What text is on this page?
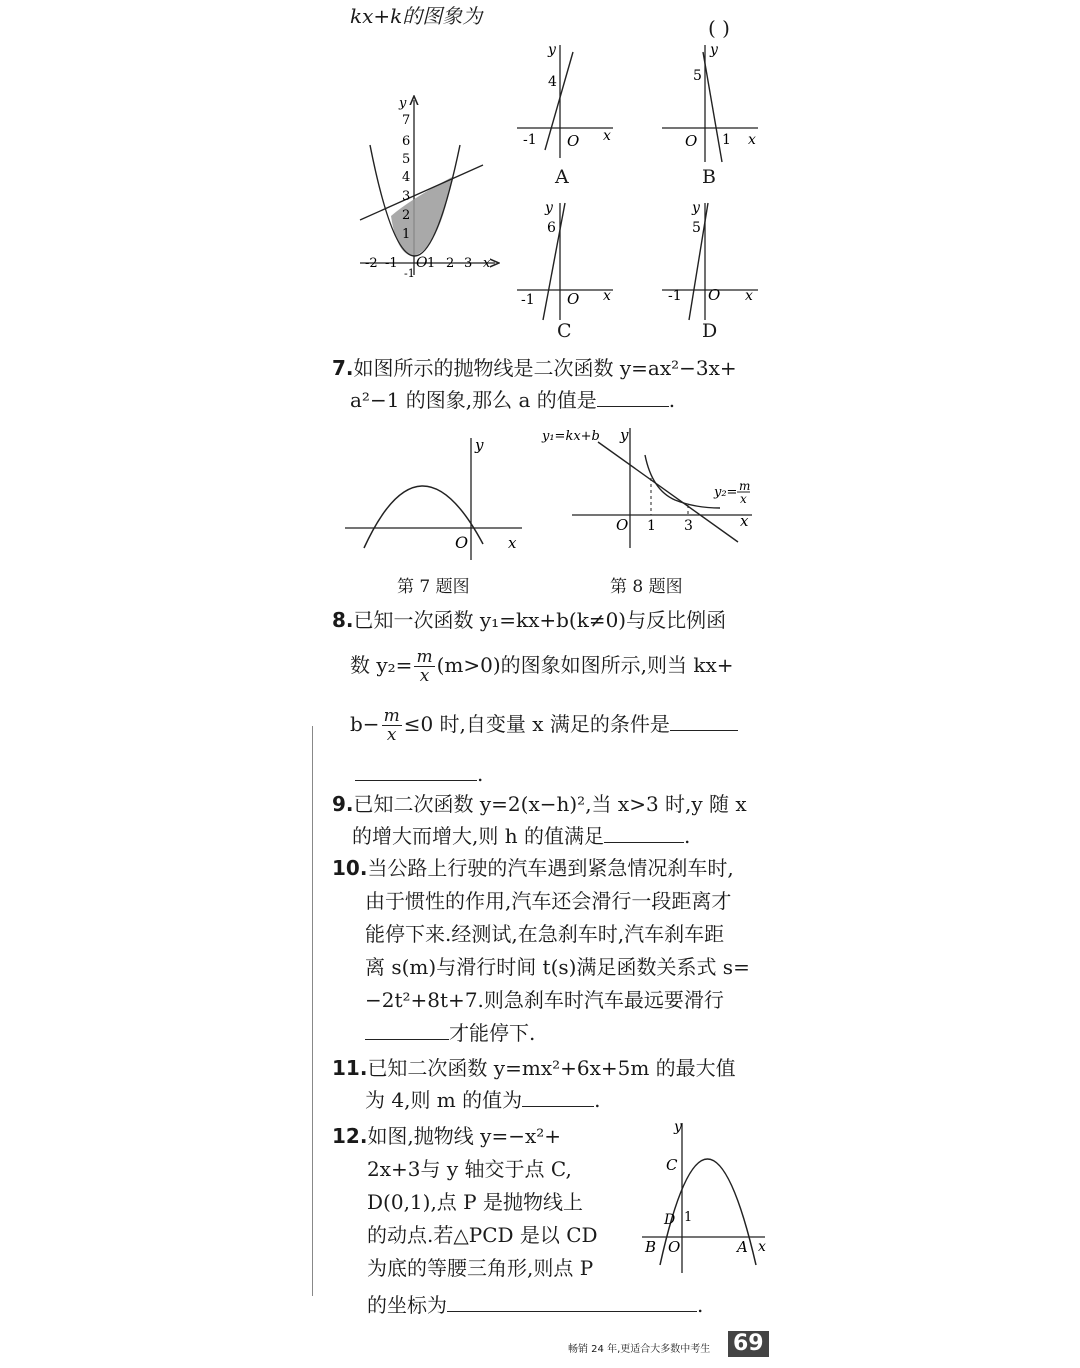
kx+k的图象为	( )
y
x
7
6
5
4
3
2
1
-1
-2 -1 1 2 3
O
y
4
-1 O x
A
y
5
O 1 x
B
y
6
-1 O x
C
y
5
-1 O x
D
7.如图所示的抛物线是二次函数 y=ax²−3x+
a²−1 的图象,那么 a 的值是	.
y
O	x
第 7 题图
y₁=kx+b y
y₂= m
x
O 1 3	x
第 8 题图
8.已知一次函数 y₁=kx+b(k≠0)与反比例函
数 $y_2= \frac{m}{x} (m>0)$的图象如图所示,则当 kx+
$b- \frac{m}{x} \le 0$ 时,自变量 x 满足的条件是
.
9.已知二次函数 y=2(x−h)²,当 x>3 时,y 随 x
的增大而增大,则 h 的值满足	.
10.当公路上行驶的汽车遇到紧急情况刹车时,
由于惯性的作用,汽车还会滑行一段距离才
能停下来.经测试,在急刹车时,汽车刹车距
离 s(m)与滑行时间 t(s)满足函数关系式 s=
−2t²+8t+7.则急刹车时汽车最远要滑行
才能停下.
11.已知二次函数 y=mx²+6x+5m 的最大值
为 4,则 m 的值为	.
12.如图,抛物线 y=−x²+
2x+3与 y 轴交于点 C,
D(0,1),点 P 是抛物线上
的动点.若△PCD 是以 CD
为底的等腰三角形,则点 P
的坐标为	.
y
C
D 1
B O	A x
畅销 24 年,更适合大多数中考生 69
